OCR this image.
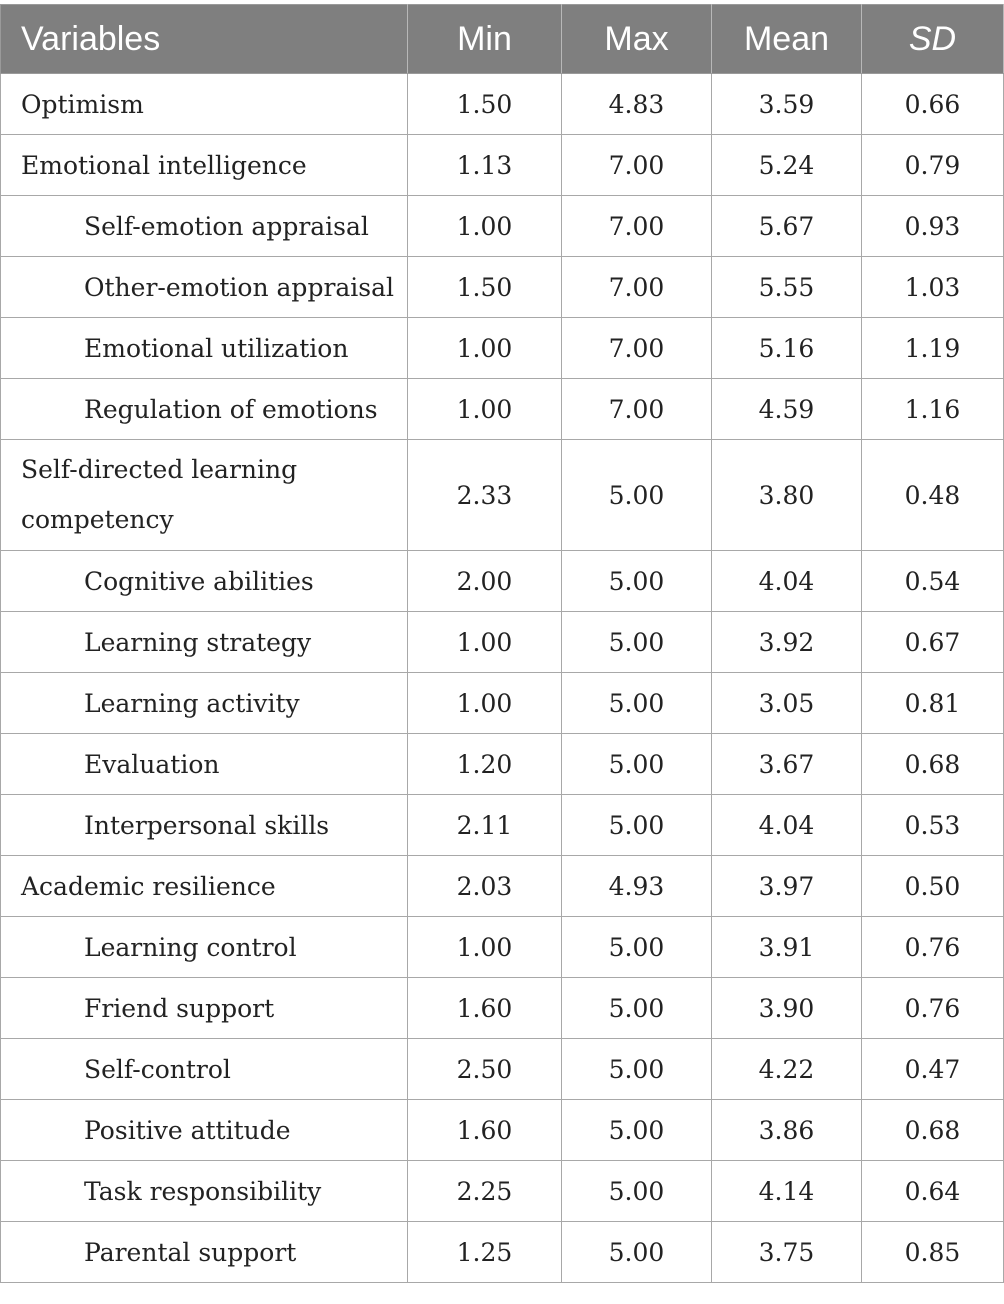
Variables	Min	Max	Mean	SD
Optimism	1.50	4.83	3.59	0.66
Emotional intelligence	1.13	7.00	5.24	0.79
Self-emotion appraisal	1.00	7.00	5.67	0.93
Other-emotion appraisal	1.50	7.00	5.55	1.03
Emotional utilization	1.00	7.00	5.16	1.19
Regulation of emotions	1.00	7.00	4.59	1.16
Self-directed learning competency	2.33	5.00	3.80	0.48
Cognitive abilities	2.00	5.00	4.04	0.54
Learning strategy	1.00	5.00	3.92	0.67
Learning activity	1.00	5.00	3.05	0.81
Evaluation	1.20	5.00	3.67	0.68
Interpersonal skills	2.11	5.00	4.04	0.53
Academic resilience	2.03	4.93	3.97	0.50
Learning control	1.00	5.00	3.91	0.76
Friend support	1.60	5.00	3.90	0.76
Self-control	2.50	5.00	4.22	0.47
Positive attitude	1.60	5.00	3.86	0.68
Task responsibility	2.25	5.00	4.14	0.64
Parental support	1.25	5.00	3.75	0.85
